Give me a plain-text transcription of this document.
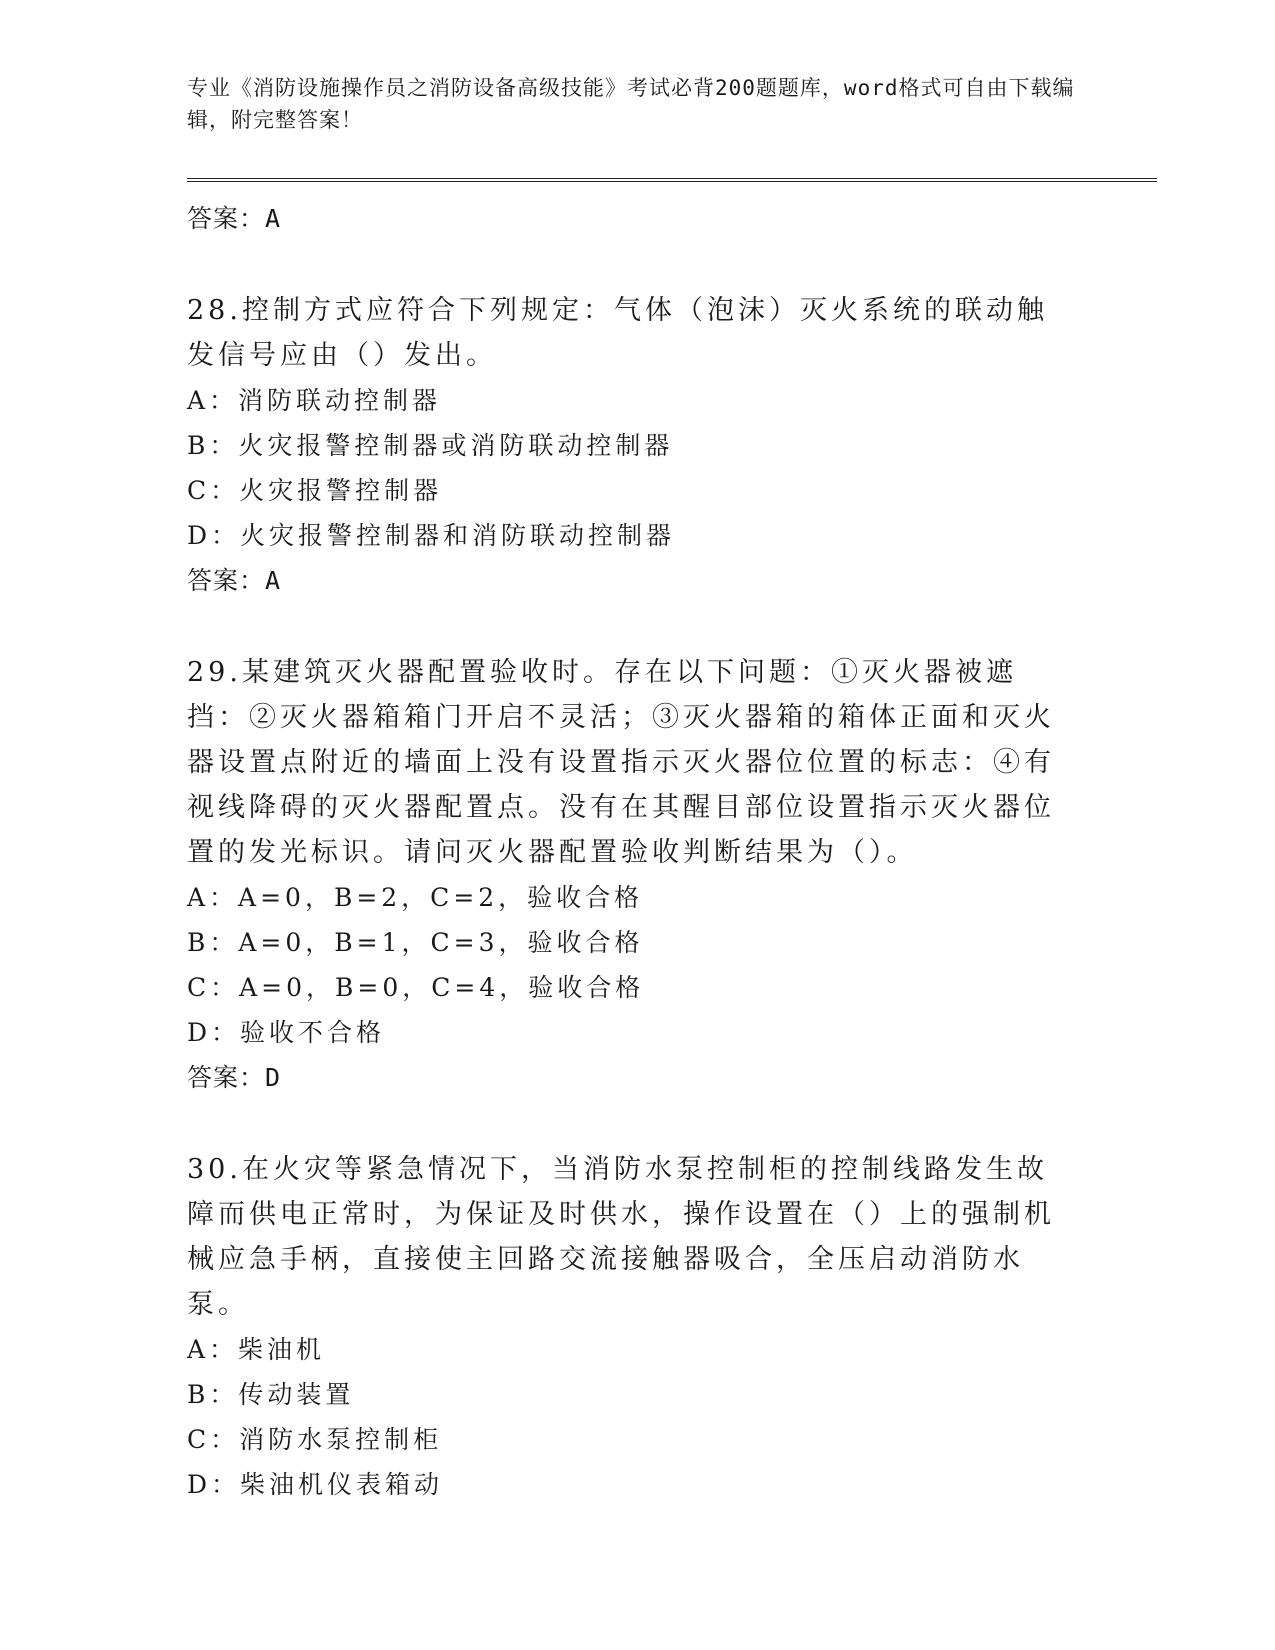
专业《消防设施操作员之消防设备高级技能》考试必背200题题库，word格式可自由下载编辑，附完整答案！

答案：A

28.控制方式应符合下列规定：气体（泡沫）灭火系统的联动触发信号应由（）发出。

A：消防联动控制器

B：火灾报警控制器或消防联动控制器

C：火灾报警控制器

D：火灾报警控制器和消防联动控制器

答案：A

29.某建筑灭火器配置验收时。存在以下问题：①灭火器被遮挡：②灭火器箱箱门开启不灵活；③灭火器箱的箱体正面和灭火器设置点附近的墙面上没有设置指示灭火器位位置的标志：④有视线降碍的灭火器配置点。没有在其醒目部位设置指示灭火器位置的发光标识。请问灭火器配置验收判断结果为（）。

A：A=0，B=2，C=2，验收合格

B：A=0，B=1，C=3，验收合格

C：A=0，B=0，C=4，验收合格

D：验收不合格

答案：D

30.在火灾等紧急情况下，当消防水泵控制柜的控制线路发生故障而供电正常时，为保证及时供水，操作设置在（）上的强制机械应急手柄，直接使主回路交流接触器吸合，全压启动消防水泵。

A：柴油机

B：传动装置

C：消防水泵控制柜

D：柴油机仪表箱动
